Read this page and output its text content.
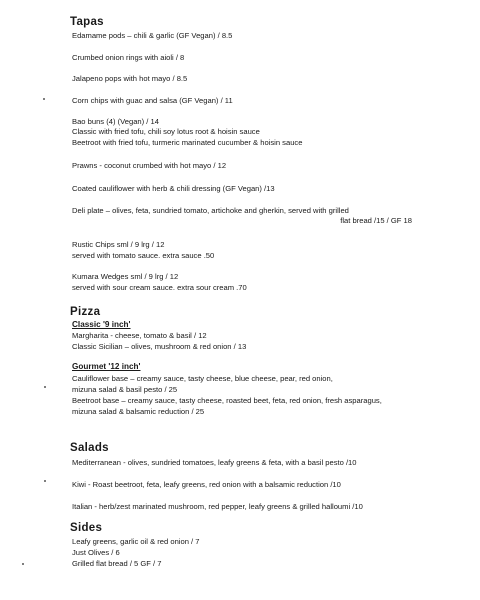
Tapas
Edamame pods – chili & garlic (GF Vegan) / 8.5
Crumbed onion rings with aioli / 8
Jalapeno pops with hot mayo / 8.5
Corn chips with guac and salsa (GF Vegan) / 11
Bao buns (4) (Vegan) / 14
Classic with fried tofu, chili soy lotus root & hoisin sauce
Beetroot with fried tofu, turmeric marinated cucumber & hoisin sauce
Prawns - coconut crumbed with hot mayo / 12
Coated cauliflower with herb & chili dressing (GF Vegan) /13
Deli plate – olives, feta, sundried tomato, artichoke and gherkin, served with grilled
flat bread /15 / GF 18
Rustic Chips sml / 9 lrg / 12
served with tomato sauce. extra sauce .50
Kumara Wedges sml / 9 lrg / 12
served with sour cream sauce. extra sour cream .70
Pizza
Classic '9 inch'
Margharita - cheese, tomato & basil / 12
Classic Sicilian – olives, mushroom & red onion / 13
Gourmet '12 inch'
Cauliflower base – creamy sauce, tasty cheese, blue cheese, pear, red onion,
mizuna salad & basil pesto / 25
Beetroot base – creamy sauce, tasty cheese, roasted beet, feta, red onion, fresh asparagus,
mizuna salad & balsamic reduction / 25
Salads
Mediterranean - olives, sundried tomatoes, leafy greens & feta, with a basil pesto /10
Kiwi - Roast beetroot, feta, leafy greens, red onion with a balsamic reduction /10
Italian - herb/zest marinated mushroom, red pepper, leafy greens & grilled halloumi /10
Sides
Leafy greens, garlic oil & red onion / 7
Just Olives / 6
Grilled flat bread / 5 GF / 7
